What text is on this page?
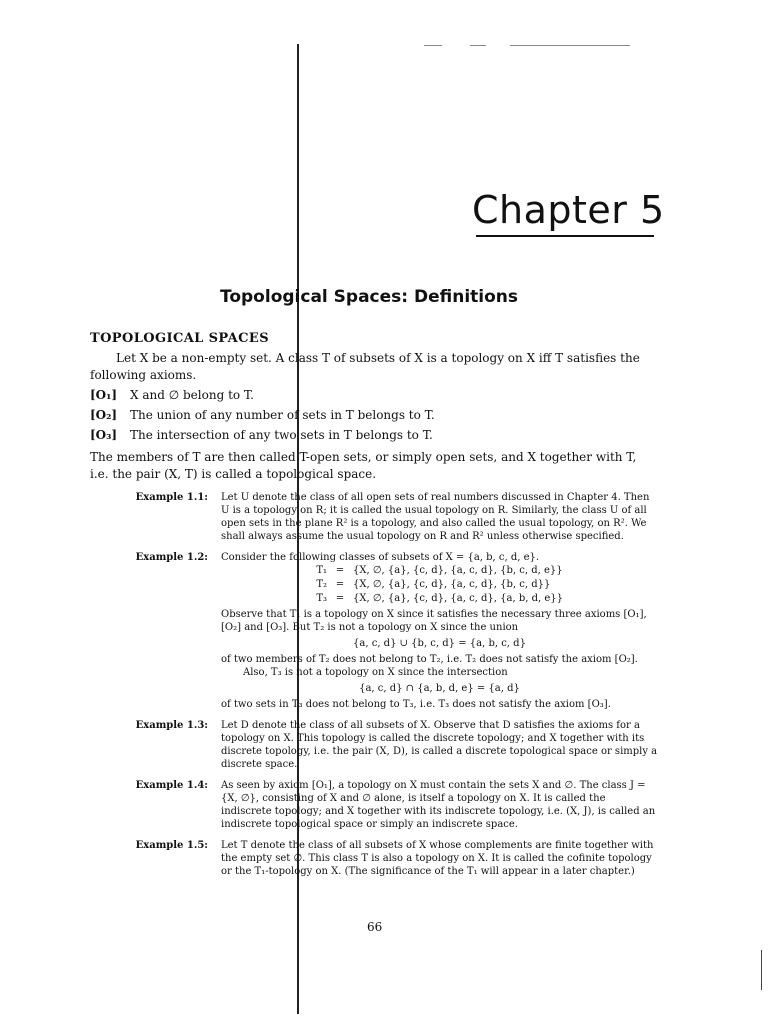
Chapter 5
Topological Spaces: Definitions
TOPOLOGICAL SPACES

Let X be a non-empty set. A class T of subsets of X is a topology on X iff T satisfies the following axioms.

[O₁]	X and ∅ belong to T.
[O₂]	The union of any number of sets in T belongs to T.
[O₃]	The intersection of any two sets in T belongs to T.

The members of T are then called T-open sets, or simply open sets, and X together with T, i.e. the pair (X, T) is called a topological space.

Example 1.1:	Let U denote the class of all open sets of real numbers discussed in Chapter 4. Then U is a topology on R; it is called the usual topology on R. Similarly, the class U of all open sets in the plane R² is a topology, and also called the usual topology, on R². We shall always assume the usual topology on R and R² unless otherwise specified.

Example 1.2:	Consider the following classes of subsets of X = {a, b, c, d, e}.

T₁ = {X, ∅, {a}, {c, d}, {a, c, d}, {b, c, d, e}}
T₂ = {X, ∅, {a}, {c, d}, {a, c, d}, {b, c, d}}
T₃ = {X, ∅, {a}, {c, d}, {a, c, d}, {a, b, d, e}}

Observe that T₁ is a topology on X since it satisfies the necessary three axioms [O₁], [O₂] and [O₃]. But T₂ is not a topology on X since the union

{a, c, d} ∪ {b, c, d} = {a, b, c, d}

of two members of T₂ does not belong to T₂, i.e. T₂ does not satisfy the axiom [O₂].

Also, T₃ is not a topology on X since the intersection

{a, c, d} ∩ {a, b, d, e} = {a, d}

of two sets in T₃ does not belong to T₃, i.e. T₃ does not satisfy the axiom [O₃].

Example 1.3:	Let D denote the class of all subsets of X. Observe that D satisfies the axioms for a topology on X. This topology is called the discrete topology; and X together with its discrete topology, i.e. the pair (X, D), is called a discrete topological space or simply a discrete space.

Example 1.4:	As seen by axiom [O₁], a topology on X must contain the sets X and ∅. The class J = {X, ∅}, consisting of X and ∅ alone, is itself a topology on X. It is called the indiscrete topology; and X together with its indiscrete topology, i.e. (X, J), is called an indiscrete topological space or simply an indiscrete space.

Example 1.5:	Let T denote the class of all subsets of X whose complements are finite together with the empty set ∅. This class T is also a topology on X. It is called the cofinite topology or the T₁-topology on X. (The significance of the T₁ will appear in a later chapter.)

66
